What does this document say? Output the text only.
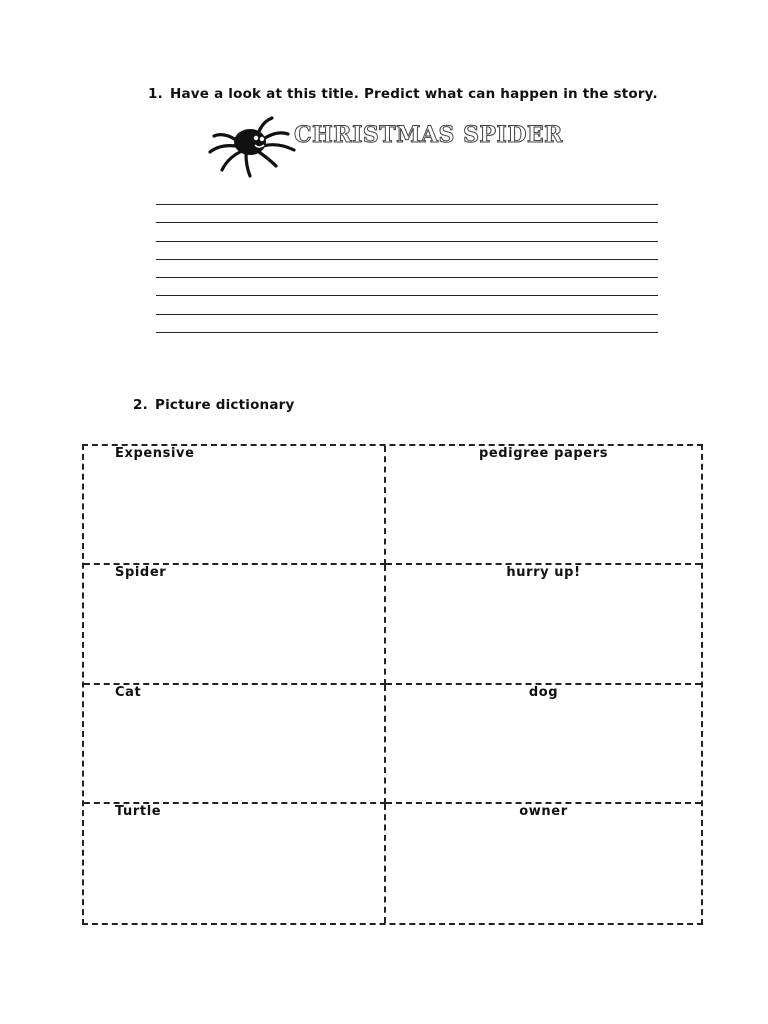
1. Have a look at this title. Predict what can happen in the story.
CHRISTMAS SPIDER
2. Picture dictionary
Expensive	pedigree papers
Spider	hurry up!
Cat	dog
Turtle	owner
